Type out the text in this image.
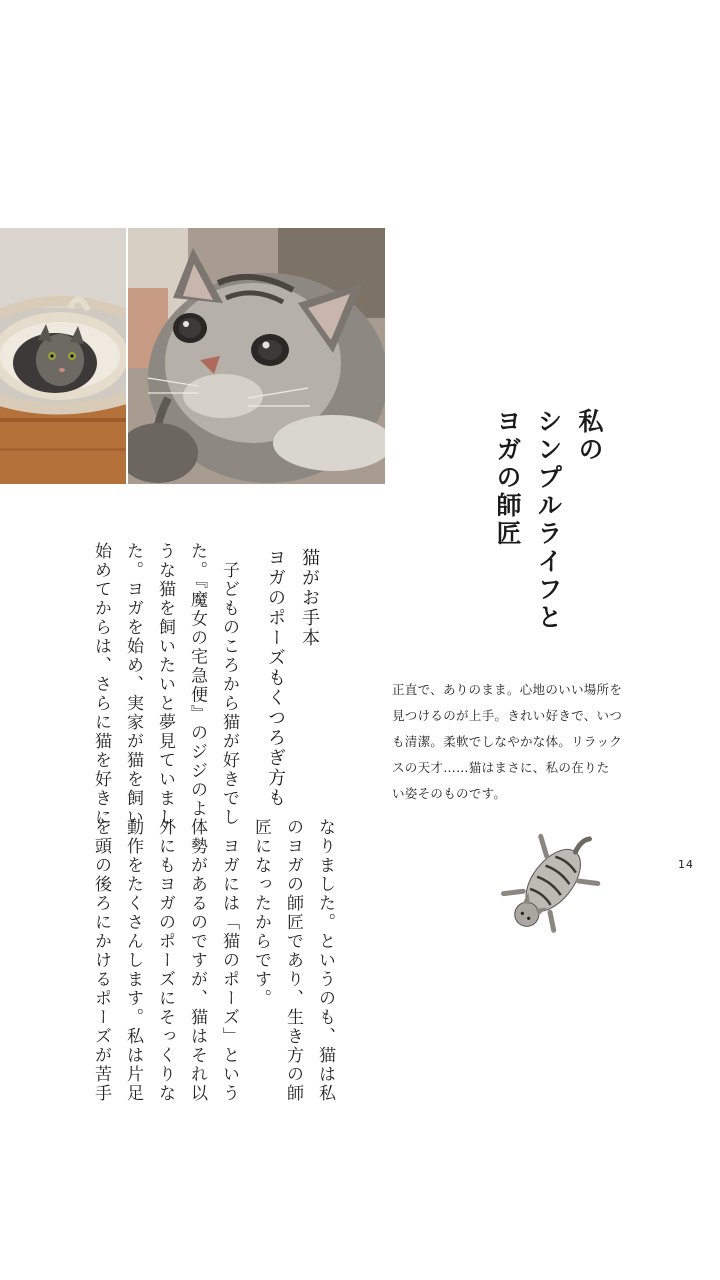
私の
シンプルライフと
ヨガの師匠
猫がお手本
ヨガのポーズもくつろぎ方も
　子どものころから猫が好きでし
た。『魔女の宅急便』のジジのよ
うな猫を飼いたいと夢見ていまし
た。ヨガを始め、実家が猫を飼い
始めてからは、さらに猫を好きに
なりました。というのも、猫は私
のヨガの師匠であり、生き方の師
匠になったからです。
　ヨガには「猫のポーズ」という
体勢があるのですが、猫はそれ以
外にもヨガのポーズにそっくりな
動作をたくさんします。私は片足
を頭の後ろにかけるポーズが苦手
正直で、ありのまま。心地のいい場所を
見つけるのが上手。きれい好きで、いつ
も清潔。柔軟でしなやかな体。リラック
スの天才……猫はまさに、私の在りた
い姿そのものです。
14
